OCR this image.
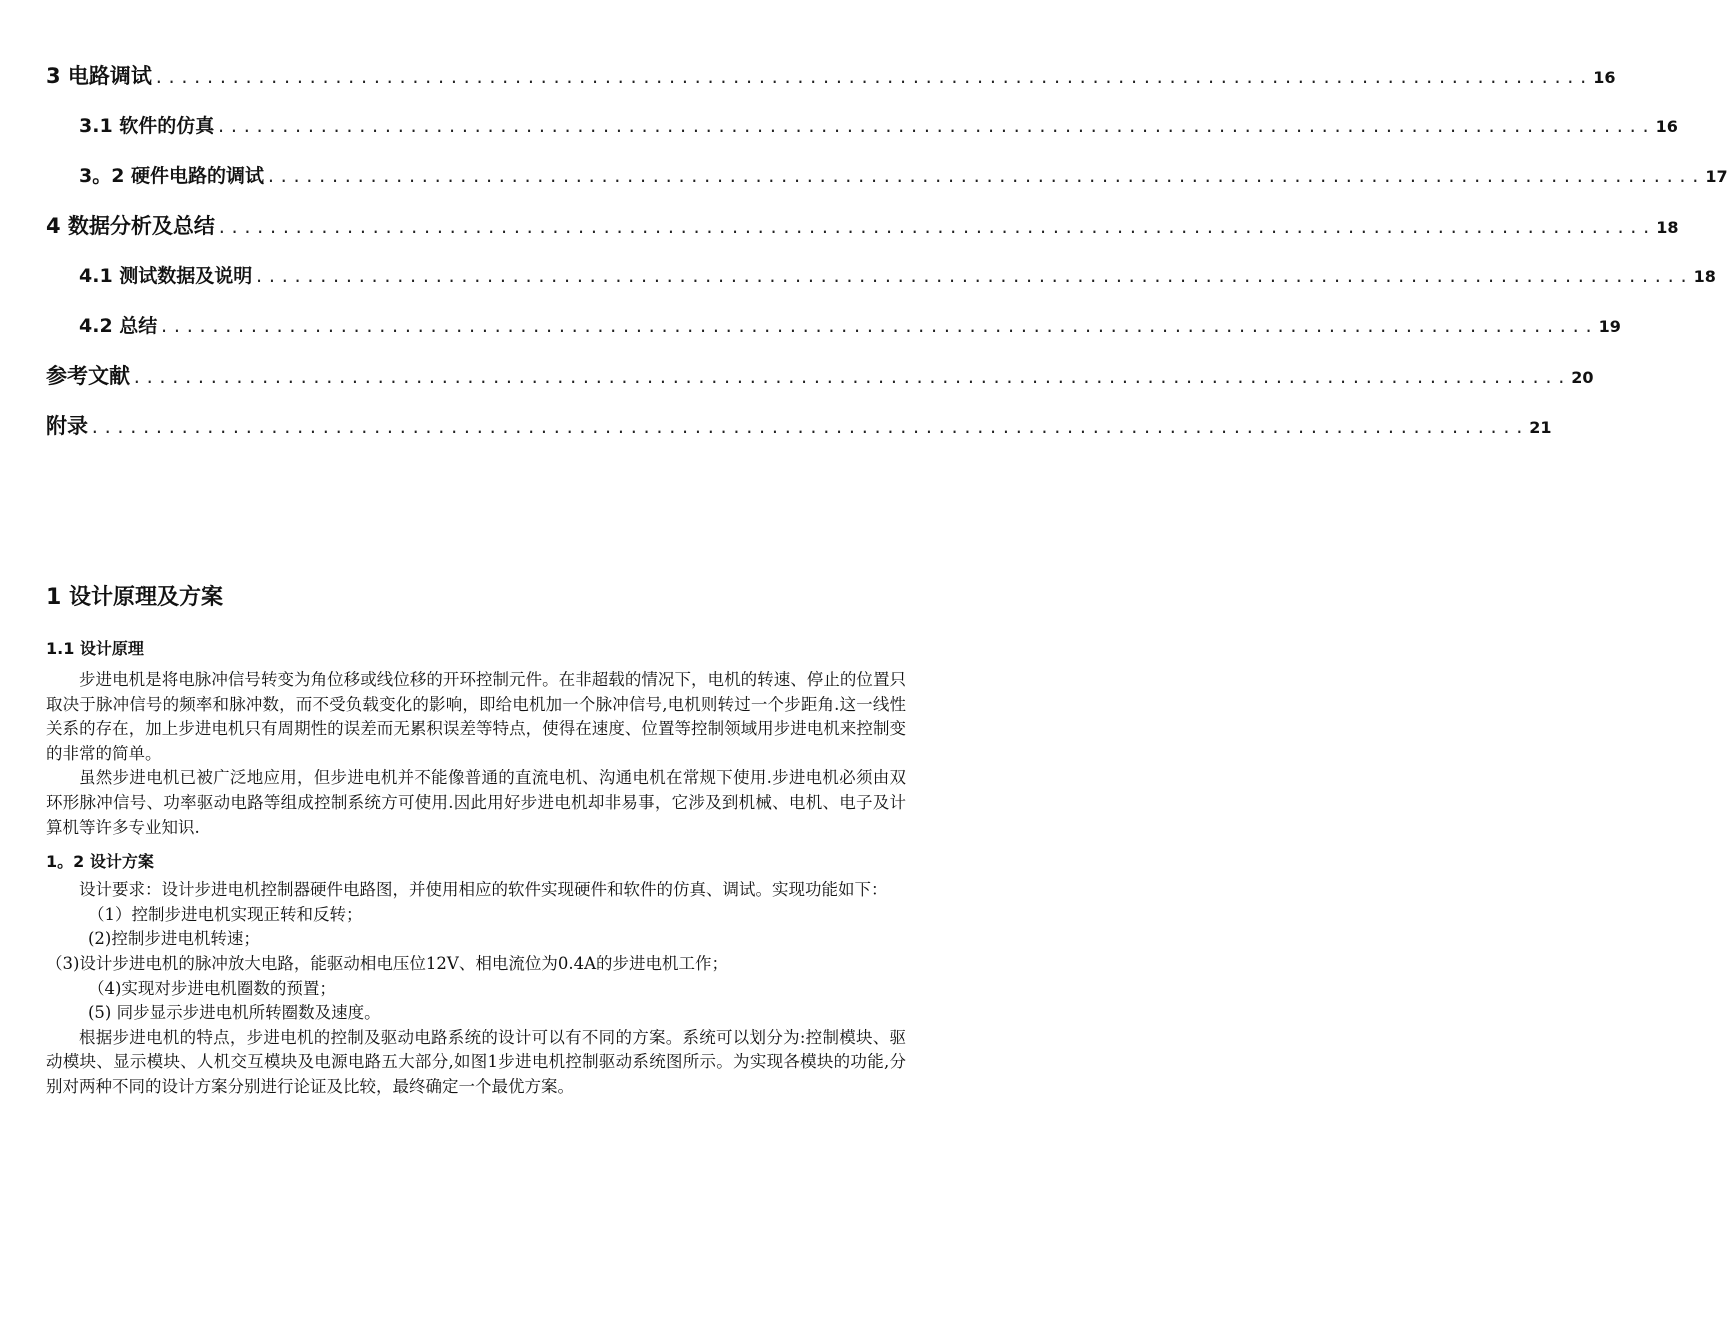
3 电路调试 ................................................................................................................ 16
3.1 软件的仿真 ................................................................................................................ 16
3。2 硬件电路的调试 ................................................................................................................ 17
4 数据分析及总结 ................................................................................................................ 18
4.1 测试数据及说明 ................................................................................................................ 18
4.2 总结 ................................................................................................................ 19
参考文献 ................................................................................................................ 20
附录 ................................................................................................................ 21
1 设计原理及方案
1.1 设计原理

步进电机是将电脉冲信号转变为角位移或线位移的开环控制元件。在非超载的情况下，电机的转速、停止的位置只取决于脉冲信号的频率和脉冲数，而不受负载变化的影响，即给电机加一个脉冲信号,电机则转过一个步距角.这一线性关系的存在，加上步进电机只有周期性的误差而无累积误差等特点，使得在速度、位置等控制领域用步进电机来控制变的非常的简单。

虽然步进电机已被广泛地应用，但步进电机并不能像普通的直流电机、沟通电机在常规下使用.步进电机必须由双环形脉冲信号、功率驱动电路等组成控制系统方可使用.因此用好步进电机却非易事，它涉及到机械、电机、电子及计算机等许多专业知识.

1。2 设计方案

设计要求：设计步进电机控制器硬件电路图，并使用相应的软件实现硬件和软件的仿真、调试。实现功能如下：

（1）控制步进电机实现正转和反转；

(2)控制步进电机转速；

（3)设计步进电机的脉冲放大电路，能驱动相电压位12V、相电流位为0.4A的步进电机工作；

（4)实现对步进电机圈数的预置；

(5) 同步显示步进电机所转圈数及速度。

根据步进电机的特点，步进电机的控制及驱动电路系统的设计可以有不同的方案。系统可以划分为:控制模块、驱动模块、显示模块、人机交互模块及电源电路五大部分,如图1步进电机控制驱动系统图所示。为实现各模块的功能,分别对两种不同的设计方案分别进行论证及比较，最终确定一个最优方案。
